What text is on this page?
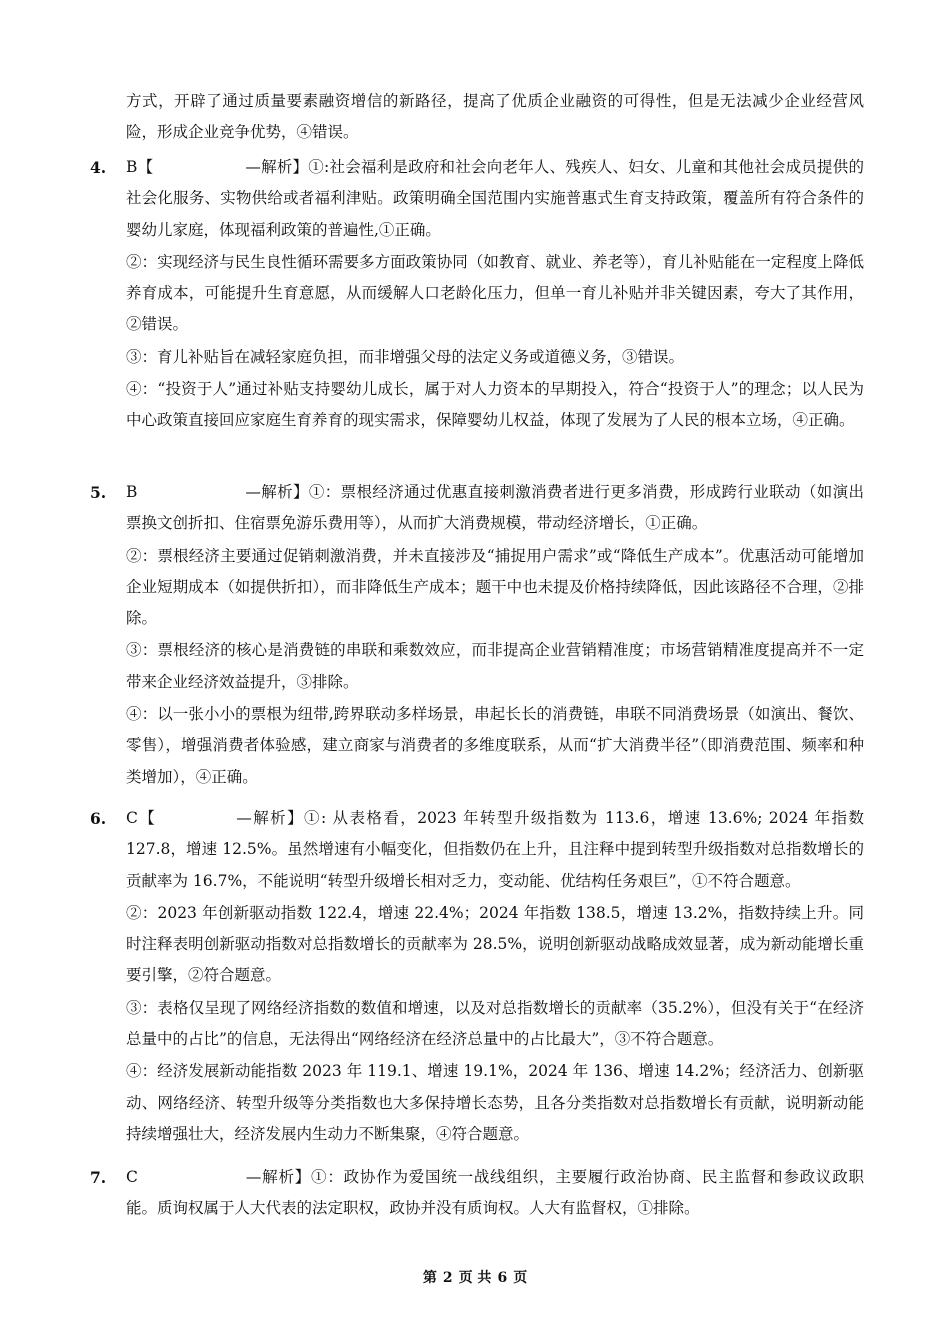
方式，开辟了通过质量要素融资增信的新路径，提高了优质企业融资的可得性，但是无法减少企业经营风险，形成企业竞争优势，④错误。

4.	B【	—解析】①:社会福利是政府和社会向老年人、残疾人、妇女、儿童和其他社会成员提供的社会化服务、实物供给或者福利津贴。政策明确全国范围内实施普惠式生育支持政策，覆盖所有符合条件的婴幼儿家庭，体现福利政策的普遍性,①正确。

②：实现经济与民生良性循环需要多方面政策协同（如教育、就业、养老等），育儿补贴能在一定程度上降低养育成本，可能提升生育意愿，从而缓解人口老龄化压力，但单一育儿补贴并非关键因素，夸大了其作用，②错误。

③：育儿补贴旨在减轻家庭负担，而非增强父母的法定义务或道德义务，③错误。

④：“投资于人”通过补贴支持婴幼儿成长，属于对人力资本的早期投入，符合“投资于人”的理念；以人民为中心政策直接回应家庭生育养育的现实需求，保障婴幼儿权益，体现了发展为了人民的根本立场，④正确。

5.	B	—解析】①：票根经济通过优惠直接刺激消费者进行更多消费，形成跨行业联动（如演出票换文创折扣、住宿票免游乐费用等），从而扩大消费规模，带动经济增长，①正确。

②：票根经济主要通过促销刺激消费，并未直接涉及“捕捉用户需求”或“降低生产成本”。优惠活动可能增加企业短期成本（如提供折扣），而非降低生产成本；题干中也未提及价格持续降低，因此该路径不合理，②排除。

③：票根经济的核心是消费链的串联和乘数效应，而非提高企业营销精准度；市场营销精准度提高并不一定带来企业经济效益提升，③排除。

④：以一张小小的票根为纽带,跨界联动多样场景，串起长长的消费链，串联不同消费场景（如演出、餐饮、零售），增强消费者体验感，建立商家与消费者的多维度联系，从而“扩大消费半径”（即消费范围、频率和种类增加），④正确。

6.	C【	—解析】①: 从表格看，2023 年转型升级指数为 113.6，增速 13.6%; 2024 年指数 127.8，增速 12.5%。虽然增速有小幅变化，但指数仍在上升，且注释中提到转型升级指数对总指数增长的贡献率为 16.7%，不能说明“转型升级增长相对乏力，变动能、优结构任务艰巨”，①不符合题意。

②：2023 年创新驱动指数 122.4，增速 22.4%；2024 年指数 138.5，增速 13.2%，指数持续上升。同时注释表明创新驱动指数对总指数增长的贡献率为 28.5%，说明创新驱动战略成效显著，成为新动能增长重要引擎，②符合题意。

③：表格仅呈现了网络经济指数的数值和增速，以及对总指数增长的贡献率（35.2%），但没有关于“在经济总量中的占比”的信息，无法得出“网络经济在经济总量中的占比最大”，③不符合题意。

④：经济发展新动能指数 2023 年 119.1、增速 19.1%，2024 年 136、增速 14.2%；经济活力、创新驱动、网络经济、转型升级等分类指数也大多保持增长态势，且各分类指数对总指数增长有贡献，说明新动能持续增强壮大，经济发展内生动力不断集聚，④符合题意。

7.	C	—解析】①：政协作为爱国统一战线组织，主要履行政治协商、民主监督和参政议政职能。质询权属于人大代表的法定职权，政协并没有质询权。人大有监督权，①排除。

第 2 页 共 6 页
